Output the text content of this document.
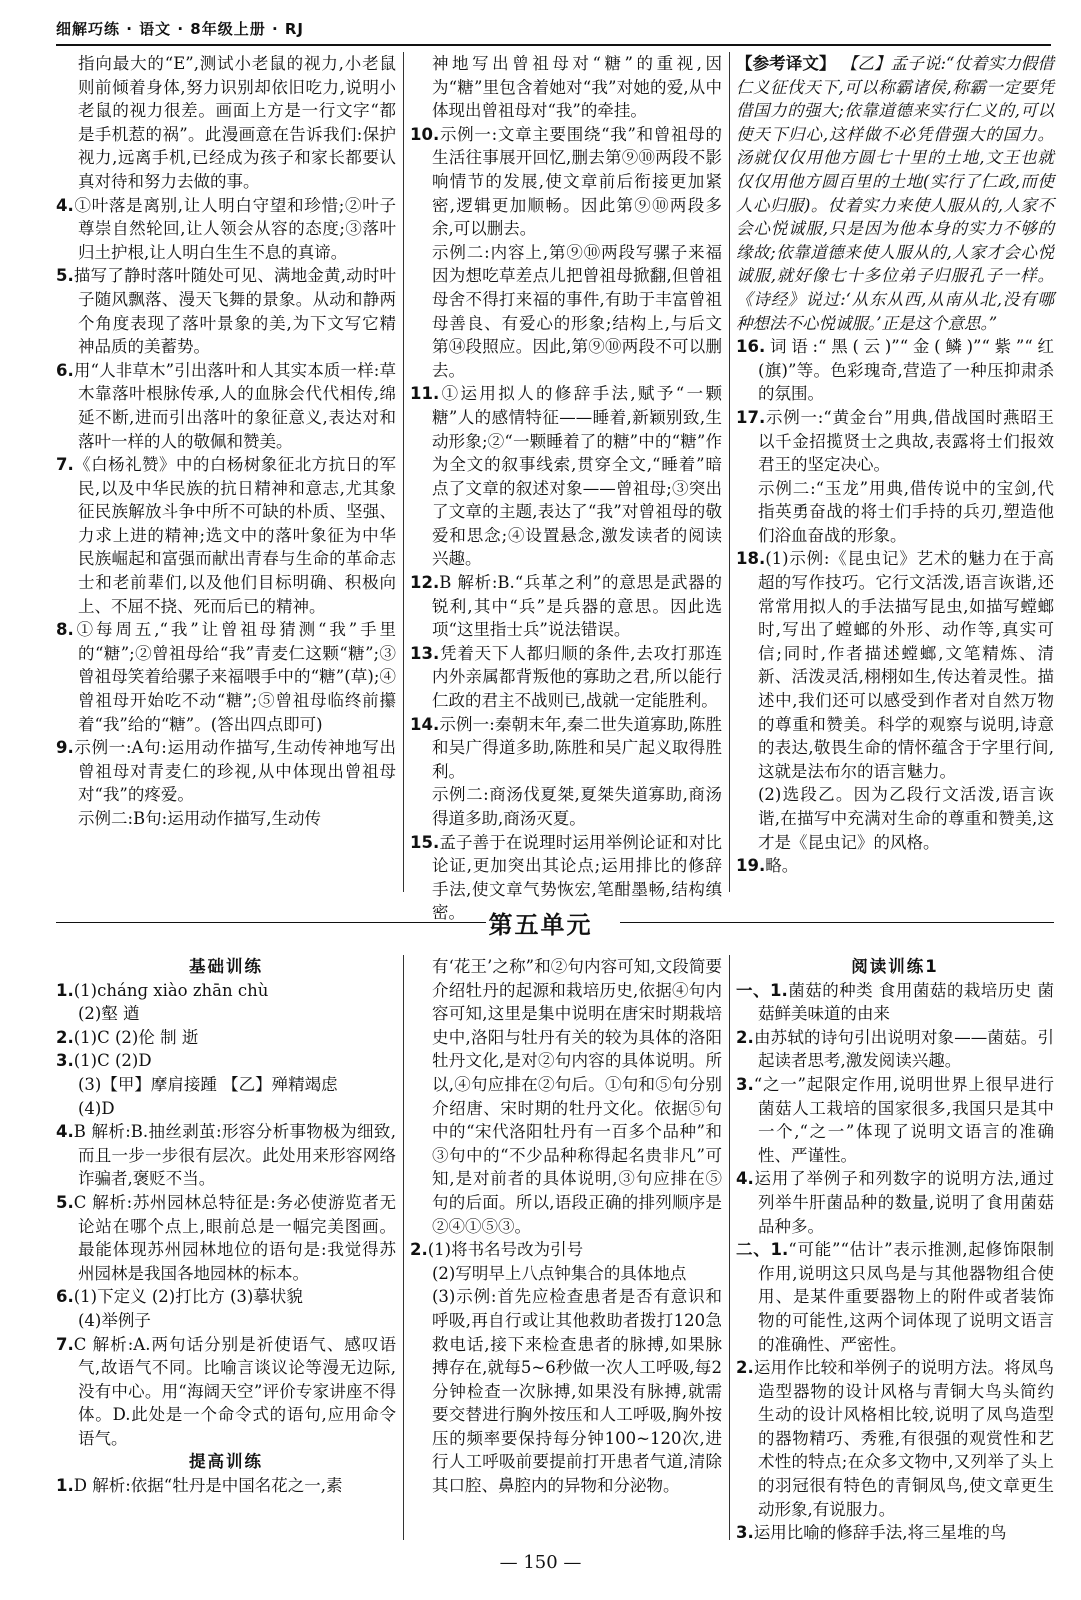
细解巧练 · 语文 · 8年级上册 · RJ

指向最大的“E”,测试小老鼠的视力,小老鼠则前倾着身体,努力识别却依旧吃力,说明小老鼠的视力很差。画面上方是一行文字“都是手机惹的祸”。此漫画意在告诉我们:保护视力,远离手机,已经成为孩子和家长都要认真对待和努力去做的事。

4.①叶落是离别,让人明白守望和珍惜;②叶子尊崇自然轮回,让人领会从容的态度;③落叶归土护根,让人明白生生不息的真谛。

5.描写了静时落叶随处可见、满地金黄,动时叶子随风飘落、漫天飞舞的景象。从动和静两个角度表现了落叶景象的美,为下文写它精神品质的美蓄势。

6.用“人非草木”引出落叶和人其实本质一样:草木靠落叶根脉传承,人的血脉会代代相传,绵延不断,进而引出落叶的象征意义,表达对和落叶一样的人的敬佩和赞美。

7.《白杨礼赞》中的白杨树象征北方抗日的军民,以及中华民族的抗日精神和意志,尤其象征民族解放斗争中所不可缺的朴质、坚强、力求上进的精神;选文中的落叶象征为中华民族崛起和富强而献出青春与生命的革命志士和老前辈们,以及他们目标明确、积极向上、不屈不挠、死而后已的精神。

8.①每周五,“我”让曾祖母猜测“我”手里的“糖”;②曾祖母给“我”青麦仁这颗“糖”;③曾祖母笑着给骡子来福喂手中的“糖”(草);④曾祖母开始吃不动“糖”;⑤曾祖母临终前攥着“我”给的“糖”。(答出四点即可)

9.示例一:A句:运用动作描写,生动传神地写出曾祖母对青麦仁的珍视,从中体现出曾祖母对“我”的疼爱。

示例二:B句:运用动作描写,生动传

神地写出曾祖母对“糖”的重视,因为“糖”里包含着她对“我”对她的爱,从中体现出曾祖母对“我”的牵挂。

10.示例一:文章主要围绕“我”和曾祖母的生活往事展开回忆,删去第⑨⑩两段不影响情节的发展,使文章前后衔接更加紧密,逻辑更加顺畅。因此第⑨⑩两段多余,可以删去。

示例二:内容上,第⑨⑩两段写骡子来福因为想吃草差点儿把曾祖母掀翻,但曾祖母舍不得打来福的事件,有助于丰富曾祖母善良、有爱心的形象;结构上,与后文第⑭段照应。因此,第⑨⑩两段不可以删去。

11.①运用拟人的修辞手法,赋予“一颗糖”人的感情特征——睡着,新颖别致,生动形象;②“一颗睡着了的糖”中的“糖”作为全文的叙事线索,贯穿全文,“睡着”暗点了文章的叙述对象——曾祖母;③突出了文章的主题,表达了“我”对曾祖母的敬爱和思念;④设置悬念,激发读者的阅读兴趣。

12.B 解析:B.“兵革之利”的意思是武器的锐利,其中“兵”是兵器的意思。因此选项“这里指士兵”说法错误。

13.凭着天下人都归顺的条件,去攻打那连内外亲属都背叛他的寡助之君,所以能行仁政的君主不战则已,战就一定能胜利。

14.示例一:秦朝末年,秦二世失道寡助,陈胜和吴广得道多助,陈胜和吴广起义取得胜利。

示例二:商汤伐夏桀,夏桀失道寡助,商汤得道多助,商汤灭夏。

15.孟子善于在说理时运用举例论证和对比论证,更加突出其论点;运用排比的修辞手法,使文章气势恢宏,笔酣墨畅,结构缜密。

【参考译文】 【乙】孟子说:“仗着实力假借仁义征伐天下,可以称霸诸侯,称霸一定要凭借国力的强大;依靠道德来实行仁义的,可以使天下归心,这样做不必凭借强大的国力。汤就仅仅用他方圆七十里的土地,文王也就仅仅用他方圆百里的土地(实行了仁政,而使人心归服)。仗着实力来使人服从的,人家不会心悦诚服,只是因为他本身的实力不够的缘故;依靠道德来使人服从的,人家才会心悦诚服,就好像七十多位弟子归服孔子一样。《诗经》说过:‘从东从西,从南从北,没有哪种想法不心悦诚服。’正是这个意思。”

16.词语:“黑(云)”“金(鳞)”“紫”“红(旗)”等。色彩瑰奇,营造了一种压抑肃杀的氛围。

17.示例一:“黄金台”用典,借战国时燕昭王以千金招揽贤士之典故,表露将士们报效君王的坚定决心。

示例二:“玉龙”用典,借传说中的宝剑,代指英勇奋战的将士们手持的兵刃,塑造他们浴血奋战的形象。

18.(1)示例:《昆虫记》艺术的魅力在于高超的写作技巧。它行文活泼,语言诙谐,还常常用拟人的手法描写昆虫,如描写螳螂时,写出了螳螂的外形、动作等,真实可信;同时,作者描述螳螂,文笔精炼、清新、活泼灵活,栩栩如生,传达着灵性。描述中,我们还可以感受到作者对自然万物的尊重和赞美。科学的观察与说明,诗意的表达,敬畏生命的情怀蕴含于字里行间,这就是法布尔的语言魅力。

(2)选段乙。因为乙段行文活泼,语言诙谐,在描写中充满对生命的尊重和赞美,这才是《昆虫记》的风格。

19.略。

第五单元

基础训练

1.(1)chánɡ xiào zhān chù

(2)壑 遒

2.(1)C (2)伦 制 逝

3.(1)C (2)D

(3)【甲】摩肩接踵 【乙】殚精竭虑

(4)D

4.B 解析:B.抽丝剥茧:形容分析事物极为细致,而且一步一步很有层次。此处用来形容网络诈骗者,褒贬不当。

5.C 解析:苏州园林总特征是:务必使游览者无论站在哪个点上,眼前总是一幅完美图画。最能体现苏州园林地位的语句是:我觉得苏州园林是我国各地园林的标本。

6.(1)下定义 (2)打比方 (3)摹状貌

(4)举例子

7.C 解析:A.两句话分别是祈使语气、感叹语气,故语气不同。比喻言谈议论等漫无边际,没有中心。用“海阔天空”评价专家讲座不得体。D.此处是一个命令式的语句,应用命令语气。

提高训练

1.D 解析:依据“牡丹是中国名花之一,素

有‘花王’之称”和②句内容可知,文段简要介绍牡丹的起源和栽培历史,依据④句内容可知,这里是集中说明在唐宋时期栽培史中,洛阳与牡丹有关的较为具体的洛阳牡丹文化,是对②句内容的具体说明。所以,④句应排在②句后。①句和⑤句分别介绍唐、宋时期的牡丹文化。依据⑤句中的“宋代洛阳牡丹有一百多个品种”和③句中的“不少品种称得起名贵非凡”可知,是对前者的具体说明,③句应排在⑤句的后面。所以,语段正确的排列顺序是②④①⑤③。

2.(1)将书名号改为引号

(2)写明早上八点钟集合的具体地点

(3)示例:首先应检查患者是否有意识和呼吸,再自行或让其他救助者拨打120急救电话,接下来检查患者的脉搏,如果脉搏存在,就每5~6秒做一次人工呼吸,每2分钟检查一次脉搏,如果没有脉搏,就需要交替进行胸外按压和人工呼吸,胸外按压的频率要保持每分钟100~120次,进行人工呼吸前要提前打开患者气道,清除其口腔、鼻腔内的异物和分泌物。

阅读训练1

一、1.菌菇的种类 食用菌菇的栽培历史 菌菇鲜美味道的由来

2.由苏轼的诗句引出说明对象——菌菇。引起读者思考,激发阅读兴趣。

3.“之一”起限定作用,说明世界上很早进行菌菇人工栽培的国家很多,我国只是其中一个,“之一”体现了说明文语言的准确性、严谨性。

4.运用了举例子和列数字的说明方法,通过列举牛肝菌品种的数量,说明了食用菌菇品种多。

二、1.“可能”“估计”表示推测,起修饰限制作用,说明这只凤鸟是与其他器物组合使用、是某件重要器物上的附件或者装饰物的可能性,这两个词体现了说明文语言的准确性、严密性。

2.运用作比较和举例子的说明方法。将凤鸟造型器物的设计风格与青铜大鸟头简约生动的设计风格相比较,说明了凤鸟造型的器物精巧、秀雅,有很强的观赏性和艺术性的特点;在众多文物中,又列举了头上的羽冠很有特色的青铜凤鸟,使文章更生动形象,有说服力。

3.运用比喻的修辞手法,将三星堆的鸟

— 150 —
